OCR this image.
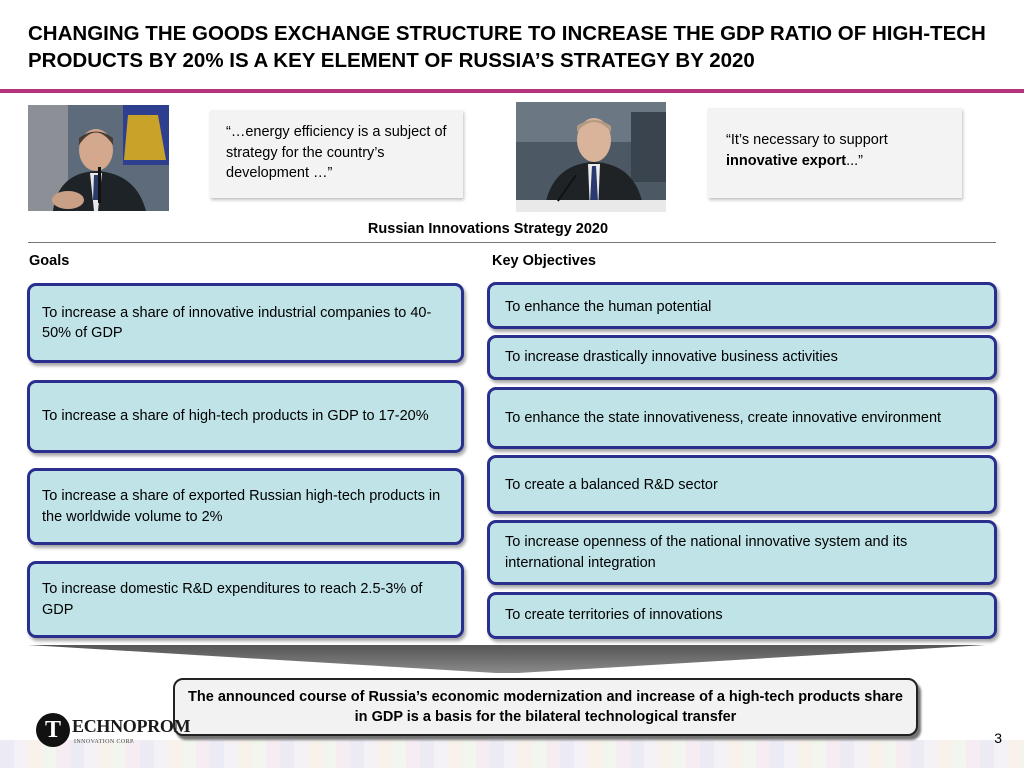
CHANGING THE GOODS EXCHANGE STRUCTURE TO INCREASE THE GDP RATIO OF HIGH-TECH PRODUCTS BY 20% IS A KEY ELEMENT OF RUSSIA’S STRATEGY BY 2020
“…energy efficiency is a subject of strategy for the country’s development …”
“It’s necessary to support innovative export...”
Russian Innovations Strategy 2020
Goals	Key Objectives
To increase a share of innovative industrial companies to 40-50% of GDP
To increase a share of high-tech products in GDP to 17-20%
To increase a share of exported Russian high-tech products in the worldwide volume to 2%
To increase domestic R&D expenditures to reach 2.5-3% of GDP
To enhance the human potential
To increase drastically innovative business activities
To enhance the state innovativeness, create innovative environment
To create a balanced R&D sector
To increase openness of the national innovative system and its international integration
To create territories of innovations
The announced course of Russia’s economic modernization and increase of a high-tech products share in GDP is a basis for the bilateral technological transfer
T ECHNOPROM
INNOVATION CORP.	3
